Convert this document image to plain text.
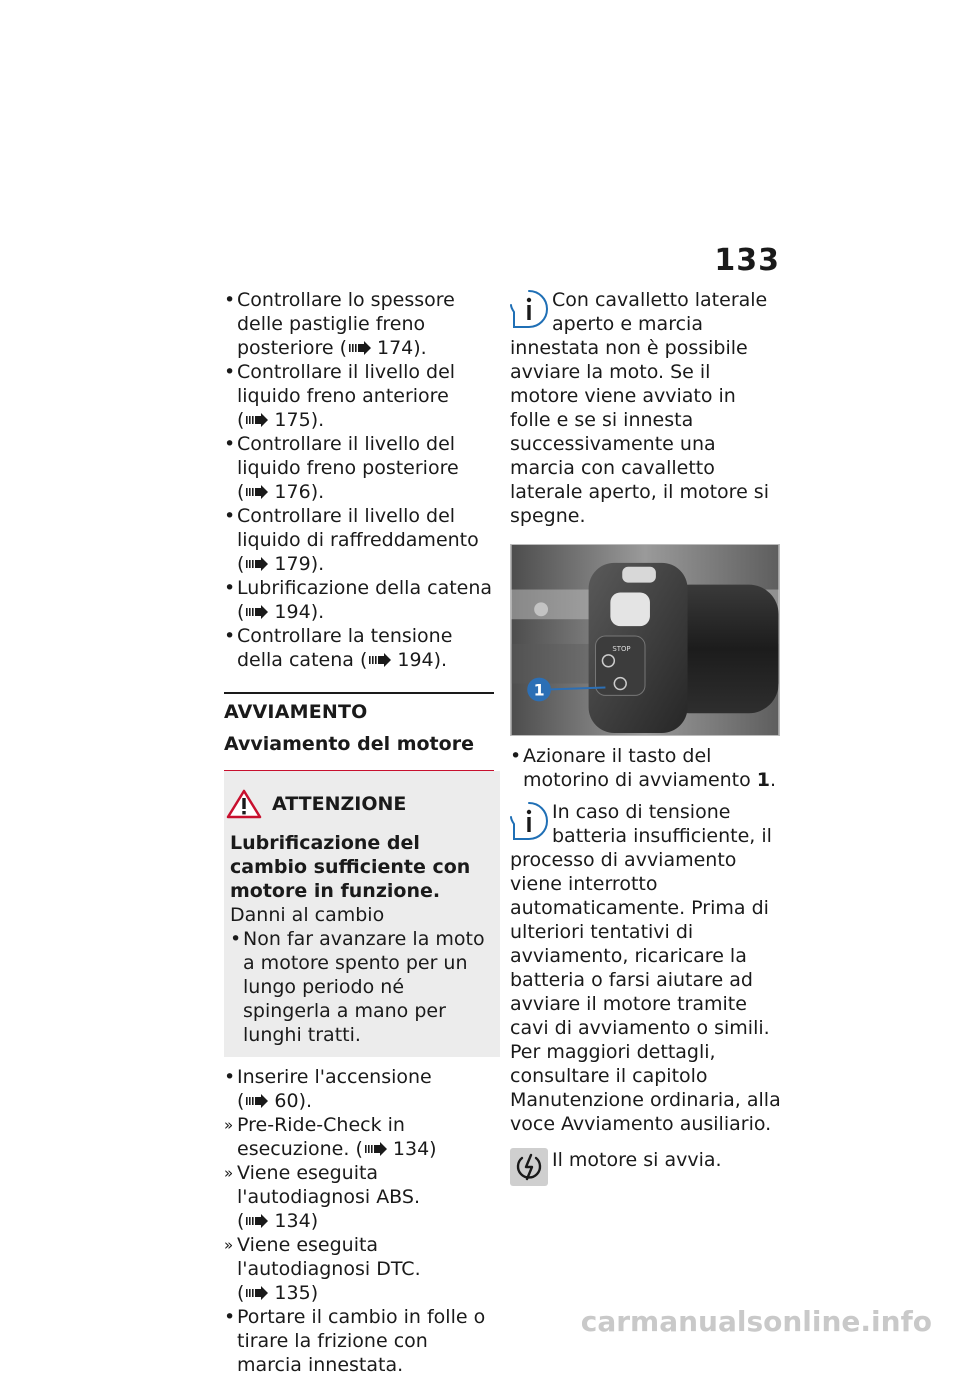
133
• Controllare lo spessore delle pastiglie freno posteriore ( 174).
• Controllare il livello del liquido freno anteriore ( 175).
• Controllare il livello del liquido freno posteriore ( 176).
• Controllare il livello del liquido di raffreddamento ( 179).
• Lubrificazione della catena ( 194).
• Controllare la tensione della catena ( 194).
AVVIAMENTO
Avviamento del motore
ATTENZIONE
Lubrificazione del cambio sufficiente con motore in funzione.
Danni al cambio
• Non far avanzare la moto a motore spento per un lungo periodo né spingerla a mano per lunghi tratti.
• Inserire l'accensione ( 60).
» Pre-Ride-Check in esecuzione. ( 134)
» Viene eseguita l'autodiagnosi ABS. ( 134)
» Viene eseguita l'autodiagnosi DTC. ( 135)
• Portare il cambio in folle o tirare la frizione con marcia innestata.
Con cavalletto laterale
aperto e marcia innestata non è possibile avviare la moto. Se il motore viene avviato in folle e se si innesta successivamente una marcia con cavalletto laterale aperto, il motore si spegne.
STOP
1
• Azionare il tasto del motorino di avviamento 1.
In caso di tensione
batteria insufficiente, il processo di avviamento viene interrotto automaticamente. Prima di ulteriori tentativi di avviamento, ricaricare la batteria o farsi aiutare ad avviare il motore tramite cavi di avviamento o simili.
Per maggiori dettagli, consultare il capitolo Manutenzione ordinaria, alla voce Avviamento ausiliario.
Il motore si avvia.
carmanualsonline.info
